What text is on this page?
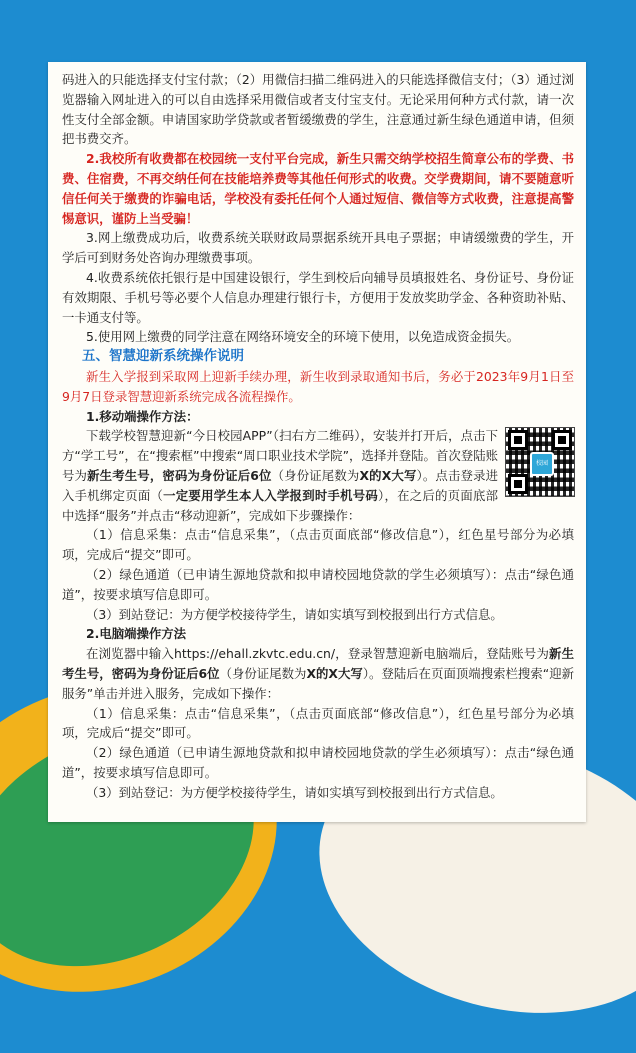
码进入的只能选择支付宝付款；（2）用微信扫描二维码进入的只能选择微信支付；（3）通过浏览器输入网址进入的可以自由选择采用微信或者支付宝支付。无论采用何种方式付款，请一次性支付全部金额。申请国家助学贷款或者暂缓缴费的学生，注意通过新生绿色通道申请，但须把书费交齐。

2.我校所有收费都在校园统一支付平台完成，新生只需交纳学校招生简章公布的学费、书费、住宿费，不再交纳任何在技能培养费等其他任何形式的收费。交学费期间，请不要随意听信任何关于缴费的诈骗电话，学校没有委托任何个人通过短信、微信等方式收费，注意提高警惕意识，谨防上当受骗！

3.网上缴费成功后，收费系统关联财政局票据系统开具电子票据；申请缓缴费的学生，开学后可到财务处咨询办理缴费事项。

4.收费系统依托银行是中国建设银行，学生到校后向辅导员填报姓名、身份证号、身份证有效期限、手机号等必要个人信息办理建行银行卡，方便用于发放奖助学金、各种资助补贴、一卡通支付等。

5.使用网上缴费的同学注意在网络环境安全的环境下使用，以免造成资金损失。

五、智慧迎新系统操作说明

新生入学报到采取网上迎新手续办理，新生收到录取通知书后，务必于2023年9月1日至9月7日登录智慧迎新系统完成各流程操作。

1.移动端操作方法：

校园

下载学校智慧迎新“今日校园APP”（扫右方二维码），安装并打开后，点击下方“学工号”，在“搜索框”中搜索“周口职业技术学院”，选择并登陆。首次登陆账号为新生考生号，密码为身份证后6位（身份证尾数为X的X大写）。点击登录进入手机绑定页面（一定要用学生本人入学报到时手机号码），在之后的页面底部中选择“服务”并点击“移动迎新”，完成如下步骤操作：

（1）信息采集：点击“信息采集”，（点击页面底部“修改信息”），红色星号部分为必填项，完成后“提交”即可。

（2）绿色通道（已申请生源地贷款和拟申请校园地贷款的学生必须填写）：点击“绿色通道”，按要求填写信息即可。

（3）到站登记：为方便学校接待学生，请如实填写到校报到出行方式信息。

2.电脑端操作方法

在浏览器中输入https://ehall.zkvtc.edu.cn/，登录智慧迎新电脑端后，登陆账号为新生考生号，密码为身份证后6位（身份证尾数为X的X大写）。登陆后在页面顶端搜索栏搜索“迎新服务”单击并进入服务，完成如下操作：

（1）信息采集：点击“信息采集”，（点击页面底部“修改信息”），红色星号部分为必填项，完成后“提交”即可。

（2）绿色通道（已申请生源地贷款和拟申请校园地贷款的学生必须填写）：点击“绿色通道”，按要求填写信息即可。

（3）到站登记：为方便学校接待学生，请如实填写到校报到出行方式信息。
